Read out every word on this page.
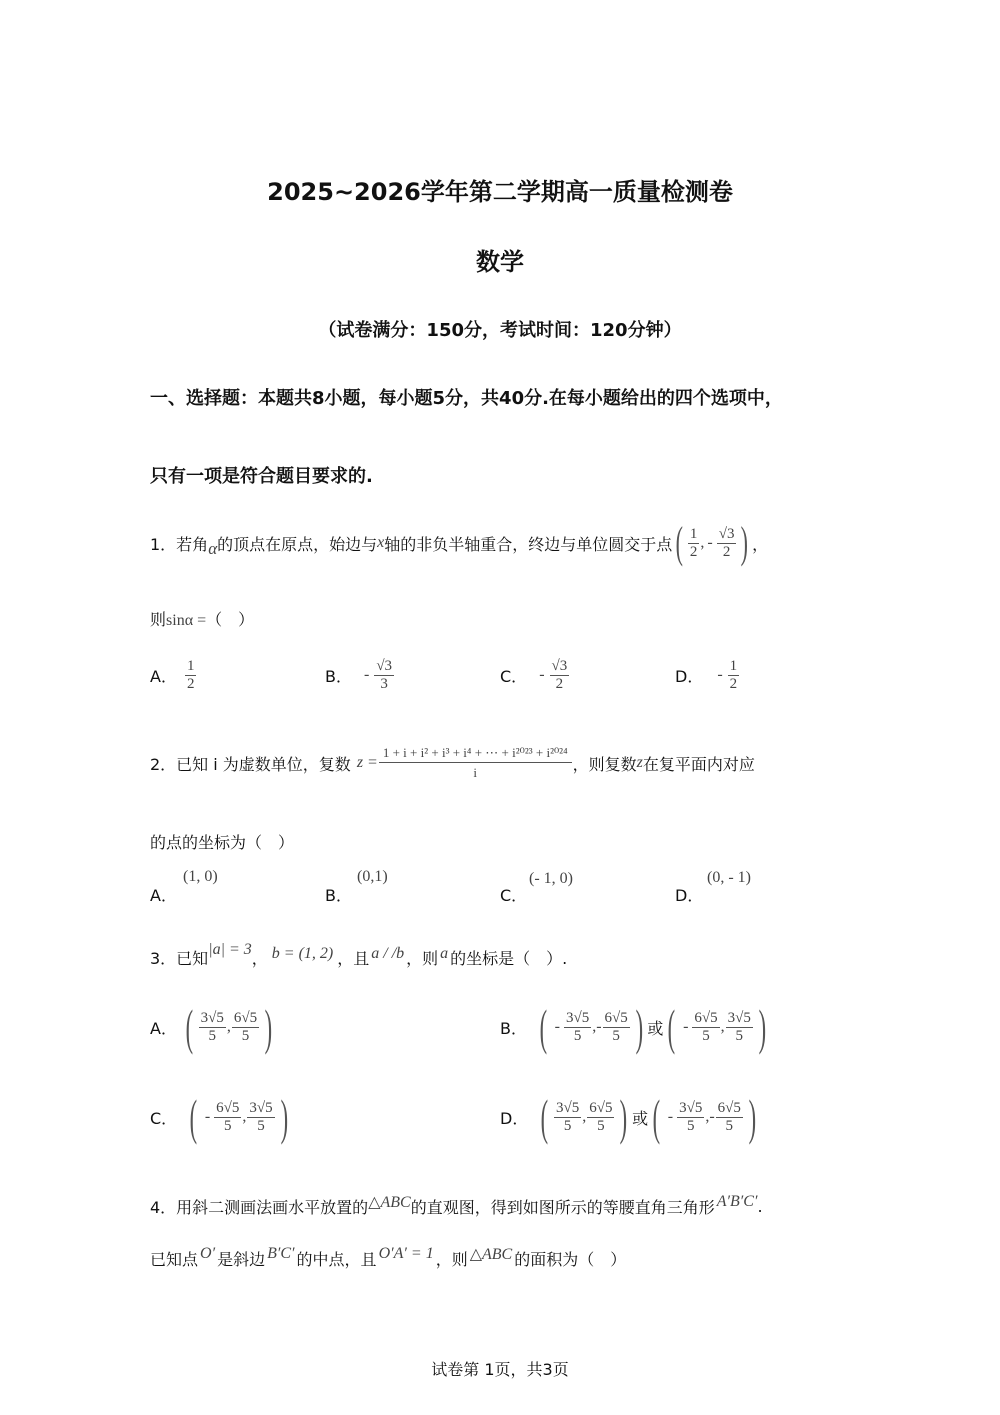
2025~2026学年第二学期高一质量检测卷
数学
（试卷满分：150分，考试时间：120分钟）
一、选择题：本题共8小题，每小题5分，共40分.在每小题给出的四个选项中，
只有一项是符合题目要求的.
1．若角 α 的顶点在原点，始边与 x 轴的非负半轴重合，终边与单位圆交于点 ( $\frac{1}{2}$ , - $\frac{√3}{2}$ ) ，
则sinα =（　）
A． $\frac{1}{2}$	B． - $\frac{√3}{3}$	C． - $\frac{√3}{2}$	D． - $\frac{1}{2}$
2．已知 i 为虚数单位，复数 $z = \frac{\text{1 + i + i² + i³ + i⁴ + ⋯ + i²⁰²³ + i²⁰²⁴}}{i}$ ，则复数 z 在复平面内对应
的点的坐标为（　）
A．
(1, 0)
B．
(0,1)
C．
(- 1, 0)
D．
(0, - 1)
3．已知 |a| = 3 ， b = (1, 2) ，且 a / /b ，则 a 的坐标是（　）.
A． ( $\frac{3√5}{5}$ , $\frac{6√5}{5}$ )	B． ( - $\frac{3√5}{5}$ , - $\frac{6√5}{5}$ ) 或 ( - $\frac{6√5}{5}$ , $\frac{3√5}{5}$ )
C． ( - $\frac{6√5}{5}$ , $\frac{3√5}{5}$ )	D． ( $\frac{3√5}{5}$ , $\frac{6√5}{5}$ ) 或 ( - $\frac{3√5}{5}$ , - $\frac{6√5}{5}$ )
4．用斜二测画法画水平放置的 △ABC 的直观图，得到如图所示的等腰直角三角形 A′B′C′ .
已知点 O′ 是斜边 B′C′ 的中点，且 O′A′ = 1 ，则 △ABC 的面积为（　）
试卷第 1页，共3页
